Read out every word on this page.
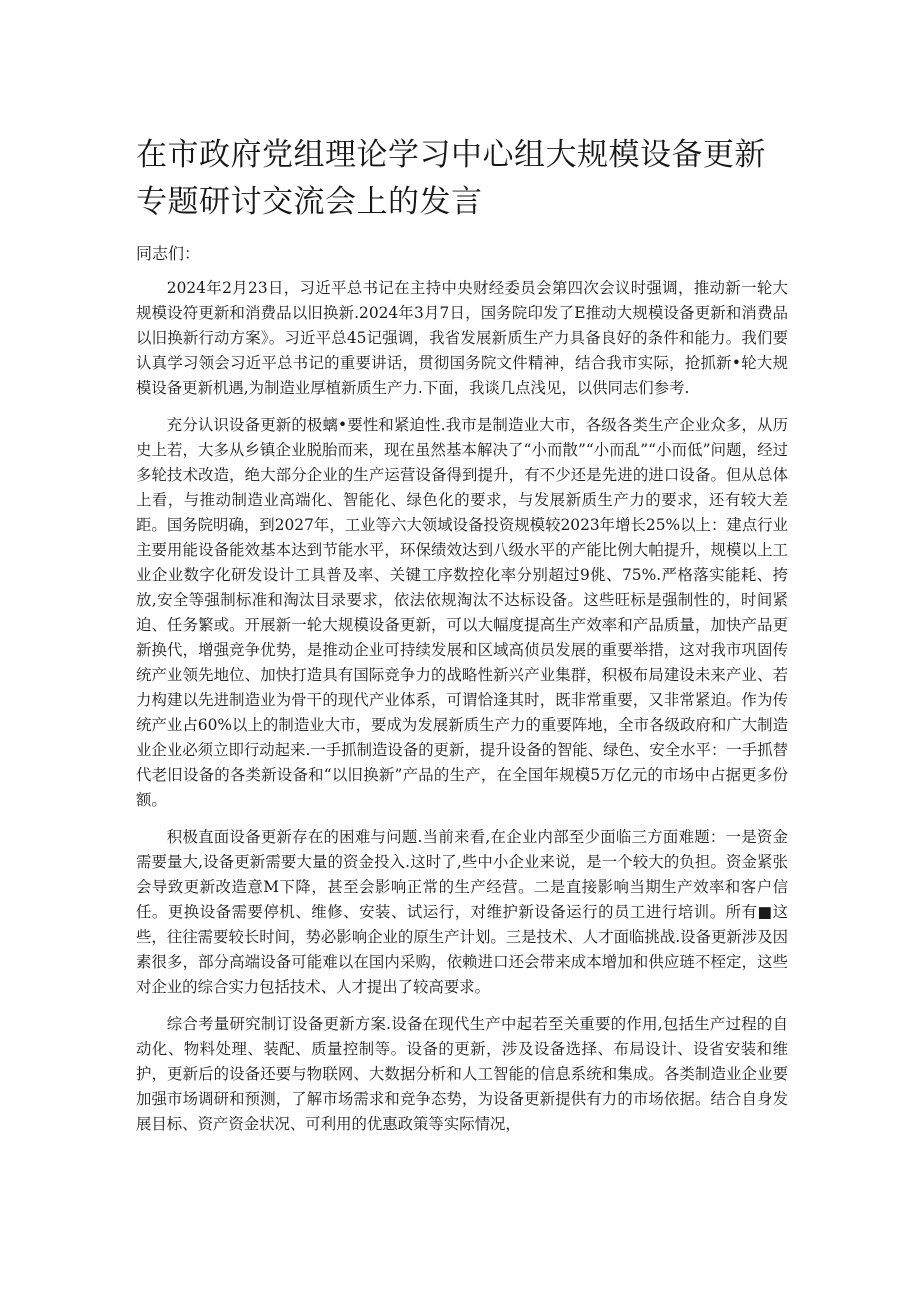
在市政府党组理论学习中心组大规模设备更新专题研讨交流会上的发言

同志们：

2024年2月23日，习近平总书记在主持中央财经委员会第四次会议时强调，推动新一轮大规模设符更新和消费品以旧换新.2024年3月7日，国务院印发了E推动大规模设备更新和消费品以旧换新行动方案》。习近平总45记强调，我省发展新质生产力具备良好的条件和能力。我们要认真学习领会习近平总书记的重要讲话，贯彻国务院文件精神，结合我市实际，抢抓新•轮大规模设备更新机遇,为制造业厚植新质生产力.下面，我谈几点浅见，以供同志们参考.

充分认识设备更新的极螭•要性和紧迫性.我市是制造业大市，各级各类生产企业众多，从历史上若，大多从乡镇企业脱胎而来，现在虽然基本解决了“小而散”“小而乱”“小而低”问题，经过多轮技术改造，绝大部分企业的生产运营设备得到提升，有不少还是先进的进口设备。但从总体上看，与推动制造业高端化、智能化、绿色化的要求，与发展新质生产力的要求，还有较大差距。国务院明确，到2027年，工业等六大领域设备投资规模较2023年增长25%以上：建点行业主要用能设备能效基本达到节能水平，环保绩效达到八级水平的产能比例大帕提升，规模以上工业企业数字化研发设计工具普及率、关键工序数控化率分别超过9佻、75%.严格落实能耗、挎放,安全等强制标准和淘汰目录要求，依法依规淘汰不达标设备。这些旺标是强制性的，时间紧迫、任务繁或。开展新一轮大规模设备更新，可以大幅度提高生产效率和产品质量，加快产品更新换代，增强竞争优势，是推动企业可持续发展和区域高侦员发展的重要举措，这对我市巩固传统产业领先地位、加快打造具有国际竞争力的战略性新兴产业集群，积极布局建设未来产业、若力构建以先进制造业为骨干的现代产业体系，可谓恰逢其时，既非常重要，又非常紧迫。作为传统产业占60%以上的制造业大市，要成为发展新质生产力的重要阵地，全市各级政府和广大制造业企业必须立即行动起来.一手抓制造设备的更新，提升设备的智能、绿色、安全水平：一手抓替代老旧设备的各类新设备和“以旧换新”产品的生产，在全国年规模5万亿元的市场中占据更多份额。

积极直面设备更新存在的困难与问题.当前来看,在企业内部至少面临三方面难题：一是资金需要量大,设备更新需要大量的资金投入.这时了,些中小企业来说，是一个较大的负担。资金紧张会导致更新改造意M下降，甚至会影响正常的生产经营。二是直接影响当期生产效率和客户信任。更换设备需要停机、维修、安装、试运行，对维护新设备运行的员工进行培训。所有■这些，往往需要较长时间，势必影响企业的原生产计划。三是技术、人才面临挑战.设备更新涉及因素很多，部分高端设备可能难以在国内采购，依赖进口还会带来成本增加和供应琏不桎定，这些对企业的综合实力包括技术、人才提出了较高要求。

综合考量研究制订设备更新方案.设备在现代生产中起若至关重要的作用,包括生产过程的自动化、物料处理、装配、质量控制等。设备的更新，涉及设备选择、布局设计、设省安装和维护，更新后的设备还要与物联网、大数据分析和人工智能的信息系统和集成。各类制造业企业要加强市场调研和预测，了解市场需求和竞争态势，为设备更新提供有力的市场依据。结合自身发展目标、资产资金状况、可利用的优惠政策等实际情况，
